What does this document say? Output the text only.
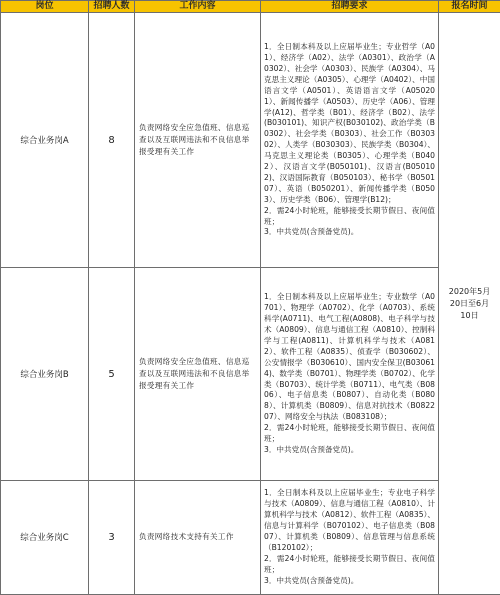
岗位	招聘人数	工作内容	招聘要求	报名时间
综合业务岗A	8	负责网络安全应急值班、信息巡查以及互联网违法和不良信息举报受理有关工作	1．全日制本科及以上应届毕业生；专业哲学（A01）、经济学（A02）、法学（A0301）、政治学（A0302）、社会学（A0303）、民族学（A0304）、马克思主义理论（A0305）、心理学（A0402）、中国语言文学（A0501）、英语语言文学（A050201）、新闻传播学（A0503）、历史学（A06）、管理学(A12)、哲学类（B01）、经济学（B02）、法学(B030101)、知识产权(B030102)、政治学类（B0302）、社会学类（B0303）、社会工作（B030302）、人类学（B030303）、民族学类（B0304）、马克思主义理论类（B0305）、心理学类（B0402）、汉语言文学(B050101)、汉语言(B050102)、汉语国际教育（B050103）、秘书学（B050107）、英语（B050201）、新闻传播学类（B0503）、历史学类（B06）、管理学(B12)；
2．需24小时轮班，能够接受长期节假日、夜间值班；
3．中共党员(含预备党员)。	2020年5月20日至6月10日
综合业务岗B	5	负责网络安全应急值班、信息巡查以及互联网违法和不良信息举报受理有关工作	1．全日制本科及以上应届毕业生；专业数学（A0701）、物理学（A0702）、化学（A0703）、系统科学(A0711)、电气工程(A0808)、电子科学与技术（A0809）、信息与通信工程（A0810）、控制科学与工程(A0811)、计算机科学与技术（A0812）、软件工程（A0835）、侦查学（B030602）、公安情报学（B030610）、国内安全保卫(B030614)、数学类（B0701）、物理学类（B0702）、化学类（B0703）、统计学类（B0711）、电气类（B0806）、电子信息类（B0807）、自动化类（B0808）、计算机类（B0809）、信息对抗技术（B082207）、网络安全与执法（B083108）；
2．需24小时轮班，能够接受长期节假日、夜间值班；
3．中共党员(含预备党员)。	

综合业务岗C	3	负责网络技术支持有关工作	1．全日制本科及以上应届毕业生；专业电子科学与技术（A0809）、信息与通信工程（A0810）、计算机科学与技术（A0812）、软件工程（A0835）、信息与计算科学（B070102）、电子信息类（B0807）、计算机类（B0809）、信息管理与信息系统（B120102）；
2．需24小时轮班，能够接受长期节假日、夜间值班；
3．中共党员(含预备党员)。	
